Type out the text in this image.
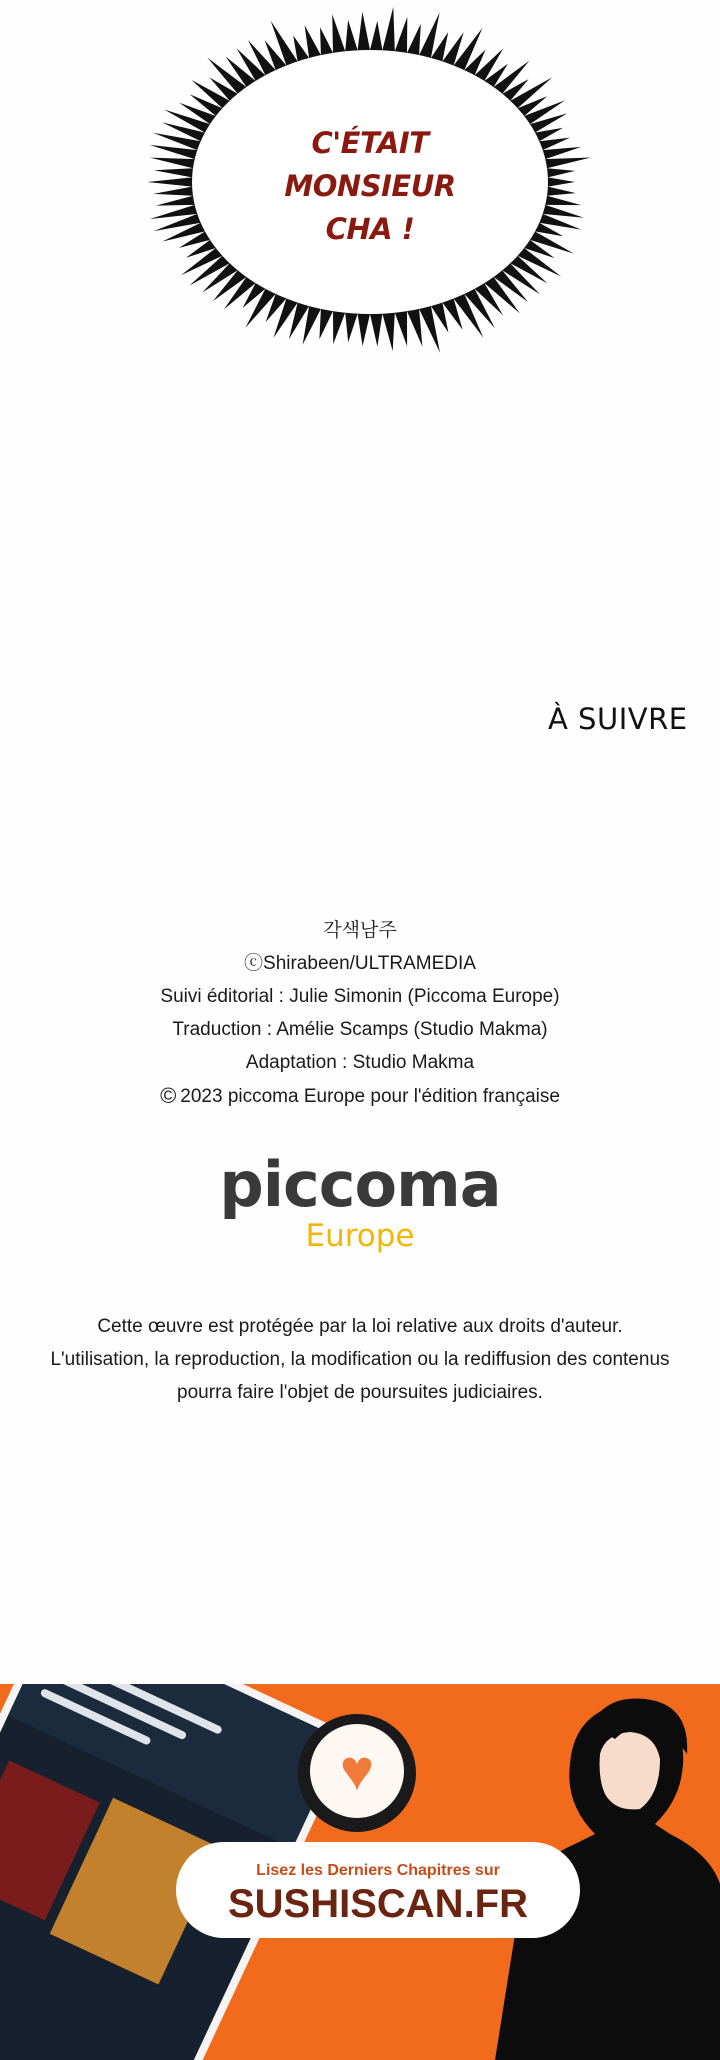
C'ÉTAIT
MONSIEUR
CHA !
À SUIVRE
각색남주
ⓒShirabeen/ULTRAMEDIA
Suivi éditorial : Julie Simonin (Piccoma Europe)
Traduction : Amélie Scamps (Studio Makma)
Adaptation : Studio Makma
© 2023 piccoma Europe pour l'édition française
piccoma
Europe
Cette œuvre est protégée par la loi relative aux droits d'auteur.
L'utilisation, la reproduction, la modification ou la rediffusion des contenus
pourra faire l'objet de poursuites judiciaires.
♥
Lisez les Derniers Chapitres sur
SUSHISCAN.FR
